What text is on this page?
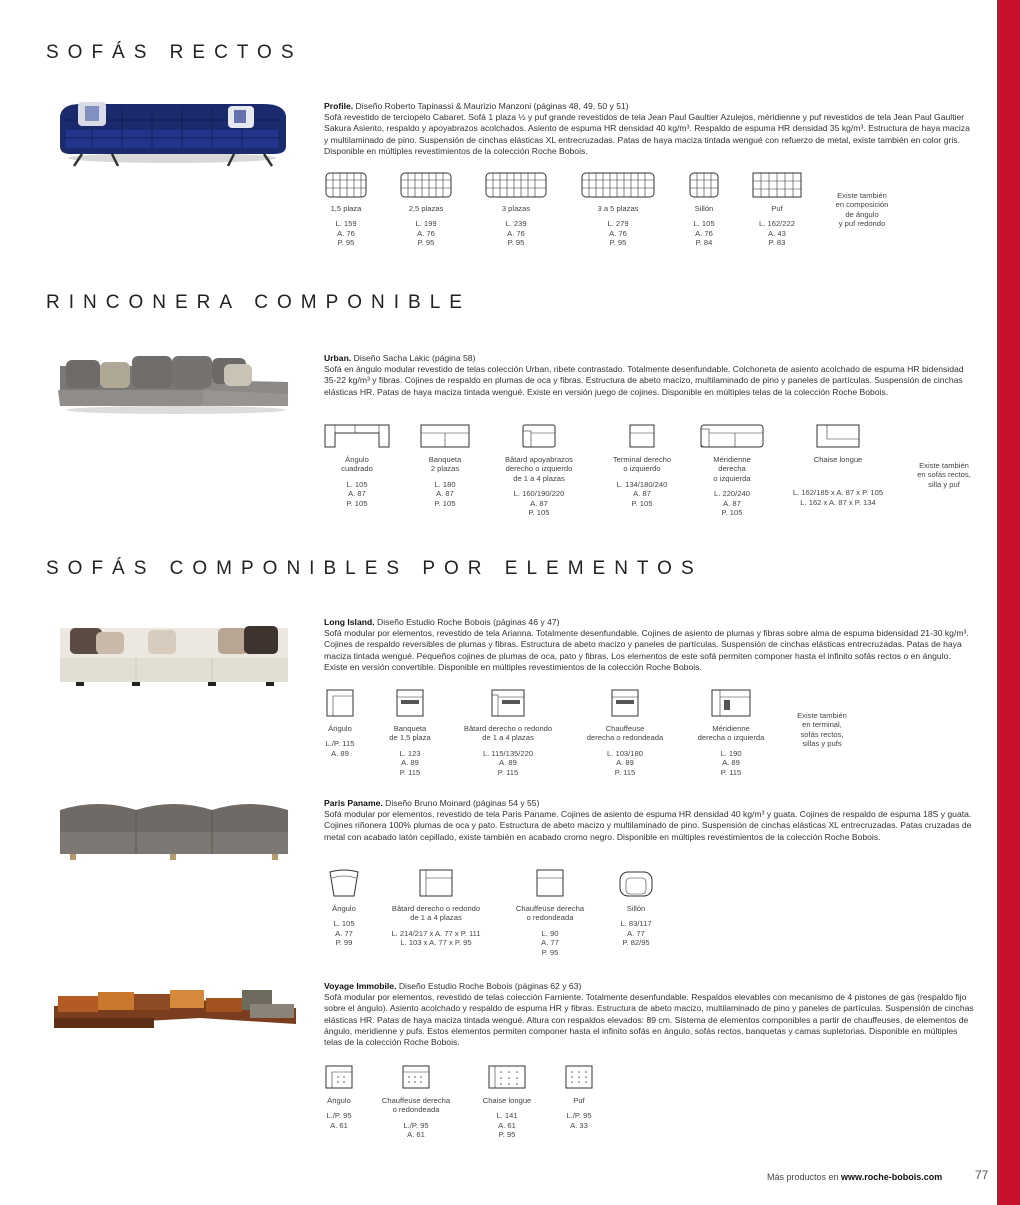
SOFÁS RECTOS
RINCONERA COMPONIBLE
SOFÁS COMPONIBLES POR ELEMENTOS
Profile. Diseño Roberto Tapinassi & Maurizio Manzoni (páginas 48, 49, 50 y 51)
Sofá revestido de terciopelo Cabaret. Sofá 1 plaza ½ y puf grande revestidos de tela Jean Paul Gaultier Azulejos, méridienne y puf revestidos de tela Jean Paul Gaultier Sakura Asiento, respaldo y apoyabrazos acolchados. Asiento de espuma HR densidad 40 kg/m³. Respaldo de espuma HR densidad 35 kg/m³. Estructura de haya maciza y multilaminado de pino. Suspensión de cinchas elásticas XL entrecruzadas. Patas de haya maciza tintada wengué con refuerzo de metal, existe también en color gris. Disponible en múltiples revestimientos de la colección Roche Bobois.
1,5 plaza
L. 159
A. 76
P. 95
2,5 plazas
L. 199
A. 76
P. 95
3 plazas
L. 239
A. 76
P. 95
3 a 5 plazas
L. 279
A. 76
P. 95
Sillón
L. 105
A. 76
P. 84
Puf
L. 162/222
A. 43
P. 83
Existe también
en composición
de ángulo
y puf redondo
Urban. Diseño Sacha Lakic (página 58)
Sofá en ángulo modular revestido de telas colección Urban, ribete contrastado. Totalmente desenfundable. Colchoneta de asiento acolchado de espuma HR bidensidad 35-22 kg/m³ y fibras. Cojines de respaldo en plumas de oca y fibras. Estructura de abeto macizo, multilaminado de pino y paneles de partículas. Suspensión de cinchas elásticas HR. Patas de haya maciza tintada wengué. Existe en versión juego de cojines. Disponible en múltiples telas de la colección Roche Bobois.
Ángulo
cuadrado
L. 105
A. 87
P. 105
Banqueta
2 plazas
L. 180
A. 87
P. 105
Bâtard apoyabrazos
derecho o izquierdo
de 1 a 4 plazas
L. 160/190/220
A. 87
P. 105
Terminal derecho
o izquierdo
L. 134/180/240
A. 87
P. 105
Méridienne
derecha
o izquierda
L. 220/240
A. 87
P. 105
Chaise longue
L. 162/185 x A. 87 x P. 105
L. 162 x A. 87 x P. 134
Existe también
en sofás rectos,
silla y puf
Long Island. Diseño Estudio Roche Bobois (páginas 46 y 47)
Sofá modular por elementos, revestido de tela Arianna. Totalmente desenfundable. Cojines de asiento de plumas y fibras sobre alma de espuma bidensidad 21-30 kg/m³. Cojines de respaldo reversibles de plumas y fibras. Estructura de abeto macizo y paneles de partículas. Suspensión de cinchas elásticas entrecruzadas. Patas de haya maciza tintada wengué. Pequeños cojines de plumas de oca, pato y fibras. Los elementos de este sofá permiten componer hasta el infinito sofás rectos o en ángulo. Existe en versión convertible. Disponible en múltiples revestimientos de la colección Roche Bobois.
Ángulo
L./P. 115
A. 89
Banqueta
de 1,5 plaza
L. 123
A. 89
P. 115
Bâtard derecho o redondo
de 1 a 4 plazas
L. 115/135/220
A. 89
P. 115
Chauffeuse
derecha o redondeada
L. 103/180
A. 89
P. 115
Méridienne
derecha o izquierda
L. 190
A. 89
P. 115
Existe también
en terminal,
sofás rectos,
sillas y pufs
Paris Paname. Diseño Bruno Moinard (páginas 54 y 55)
Sofá modular por elementos, revestido de tela Paris Paname. Cojines de asiento de espuma HR densidad 40 kg/m³ y guata. Cojines de respaldo de espuma 18S y guata. Cojines riñonera 100% plumas de oca y pato. Estructura de abeto macizo y multilaminado de pino. Suspensión de cinchas elásticas XL entrecruzadas. Patas cruzadas de metal con acabado latón cepillado, existe también en acabado cromo negro. Disponible en múltiples revestimientos de la colección Roche Bobois.
Ángulo
L. 105
A. 77
P. 99
Bâtard derecho o redondo
de 1 a 4 plazas
L. 214/217 x A. 77 x P. 111
L. 103 x A. 77 x P. 95
Chauffeuse derecha
o redondeada
L. 90
A. 77
P. 95
Sillón
L. 83/117
A. 77
P. 82/95
Voyage Immobile. Diseño Estudio Roche Bobois (páginas 62 y 63)
Sofá modular por elementos, revestido de telas colección Farniente. Totalmente desenfundable. Respaldos elevables con mecanismo de 4 pistones de gas (respaldo fijo sobre el ángulo). Asiento acolchado y respaldo de espuma HR y fibras. Estructura de abeto macizo, multilaminado de pino y paneles de partículas. Suspensión de cinchas elásticas HR. Patas de haya maciza tintada wengué. Altura con respaldos elevados: 89 cm. Sistema de elementos componibles a partir de chauffeuses, de elementos de ángulo, meridienne y pufs. Estos elementos permiten componer hasta el infinito sofás en ángulo, sofás rectos, banquetas y camas supletorias. Disponible en múltiples telas de la colección Roche Bobois.
Ángulo
L./P. 95
A. 61
Chauffeuse derecha
o redondeada
L./P. 95
A. 61
Chaise longue
L. 141
A. 61
P. 95
Puf
L./P. 95
A. 33
Más productos en www.roche-bobois.com	77
